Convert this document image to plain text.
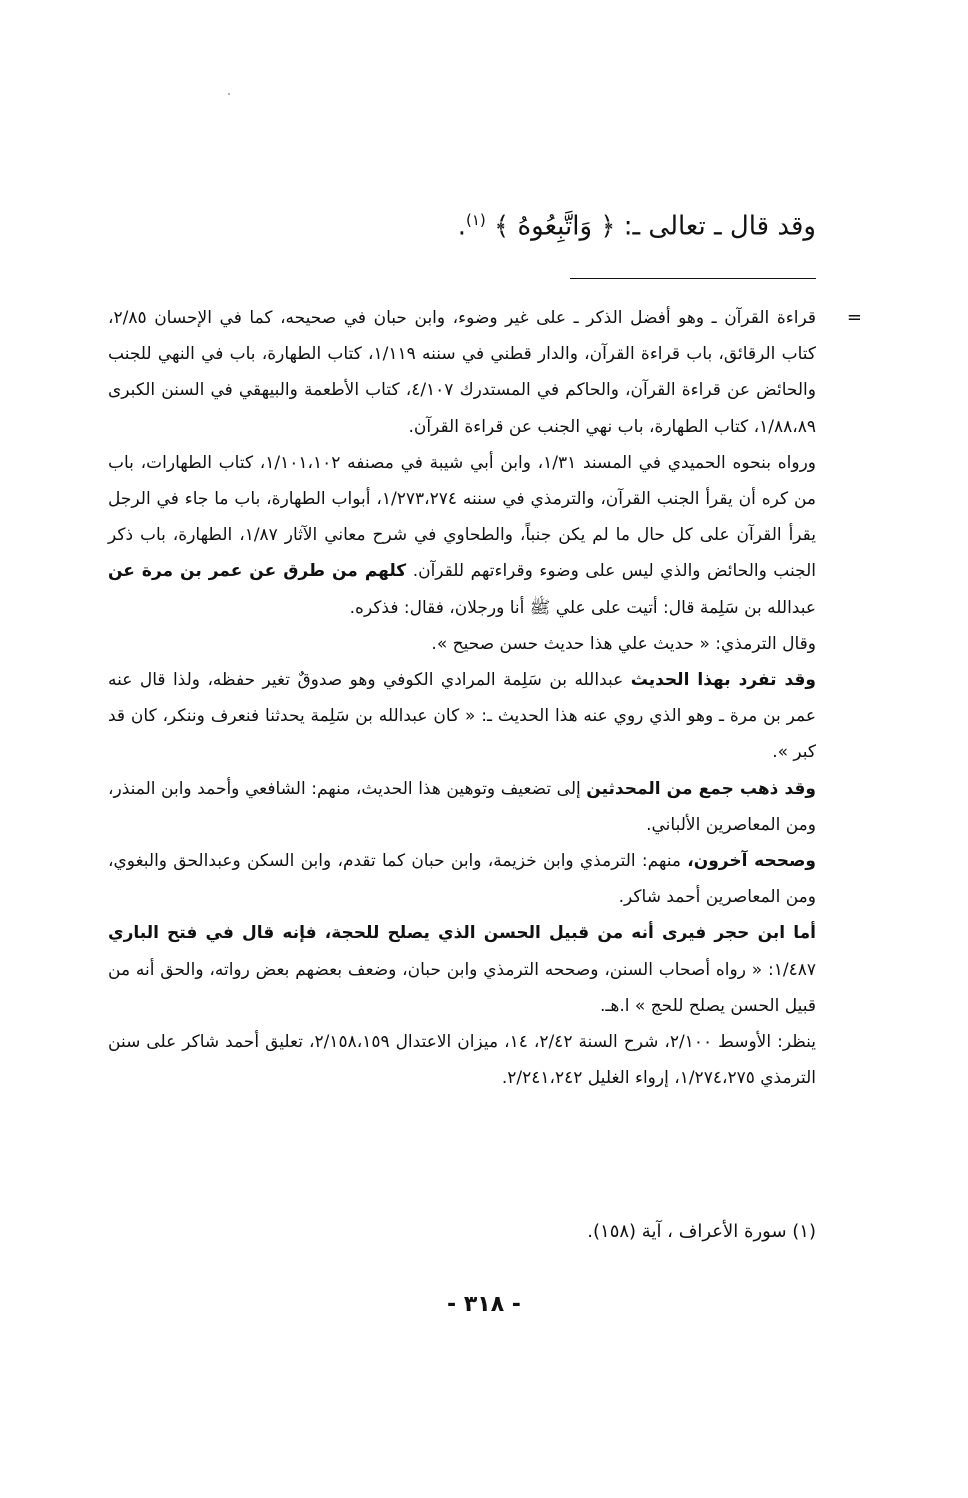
وقد قال ـ تعالى ـ: ﴿ وَاتَّبِعُوهُ ﴾ $^{(١)}$.
=

قراءة القرآن ـ وهو أفضل الذكر ـ على غير وضوء، وابن حبان في صحيحه، كما في الإحسان ٢/٨٥، كتاب الرقائق، باب قراءة القرآن، والدار قطني في سننه ١/١١٩، كتاب الطهارة، باب في النهي للجنب والحائض عن قراءة القرآن، والحاكم في المستدرك ٤/١٠٧، كتاب الأطعمة والبيهقي في السنن الكبرى ١/٨٨،٨٩، كتاب الطهارة، باب نهي الجنب عن قراءة القرآن.

ورواه بنحوه الحميدي في المسند ١/٣١، وابن أبي شيبة في مصنفه ١/١٠١،١٠٢، كتاب الطهارات، باب من كره أن يقرأ الجنب القرآن، والترمذي في سننه ١/٢٧٣،٢٧٤، أبواب الطهارة، باب ما جاء في الرجل يقرأ القرآن على كل حال ما لم يكن جنباً، والطحاوي في شرح معاني الآثار ١/٨٧، الطهارة، باب ذكر الجنب والحائض والذي ليس على وضوء وقراءتهم للقرآن. كلهم من طرق عن عمر بن مرة عن عبدالله بن سَلِمة قال: أتيت على علي ﷺ أنا ورجلان، فقال: فذكره.

وقال الترمذي: « حديث علي هذا حديث حسن صحيح ».

وقد تفرد بهذا الحديث عبدالله بن سَلِمة المرادي الكوفي وهو صدوقٌ تغير حفظه، ولذا قال عنه عمر بن مرة ـ وهو الذي روي عنه هذا الحديث ـ: « كان عبدالله بن سَلِمة يحدثنا فنعرف وننكر، كان قد كبر ».

وقد ذهب جمع من المحدثين إلى تضعيف وتوهين هذا الحديث، منهم: الشافعي وأحمد وابن المنذر، ومن المعاصرين الألباني.

وصححه آخرون، منهم: الترمذي وابن خزيمة، وابن حبان كما تقدم، وابن السكن وعبدالحق والبغوي، ومن المعاصرين أحمد شاكر.

أما ابن حجر فيرى أنه من قبيل الحسن الذي يصلح للحجة، فإنه قال في فتح الباري ١/٤٨٧: « رواه أصحاب السنن، وصححه الترمذي وابن حبان، وضعف بعضهم بعض رواته، والحق أنه من قبيل الحسن يصلح للحج » ا.هـ.

ينظر: الأوسط ٢/١٠٠، شرح السنة ٢/٤٢، ١٤، ميزان الاعتدال ٢/١٥٨،١٥٩، تعليق أحمد شاكر على سنن الترمذي ١/٢٧٤،٢٧٥، إرواء الغليل ٢/٢٤١،٢٤٢.

(١) سورة الأعراف ، آية (١٥٨).
- ٣١٨ -
